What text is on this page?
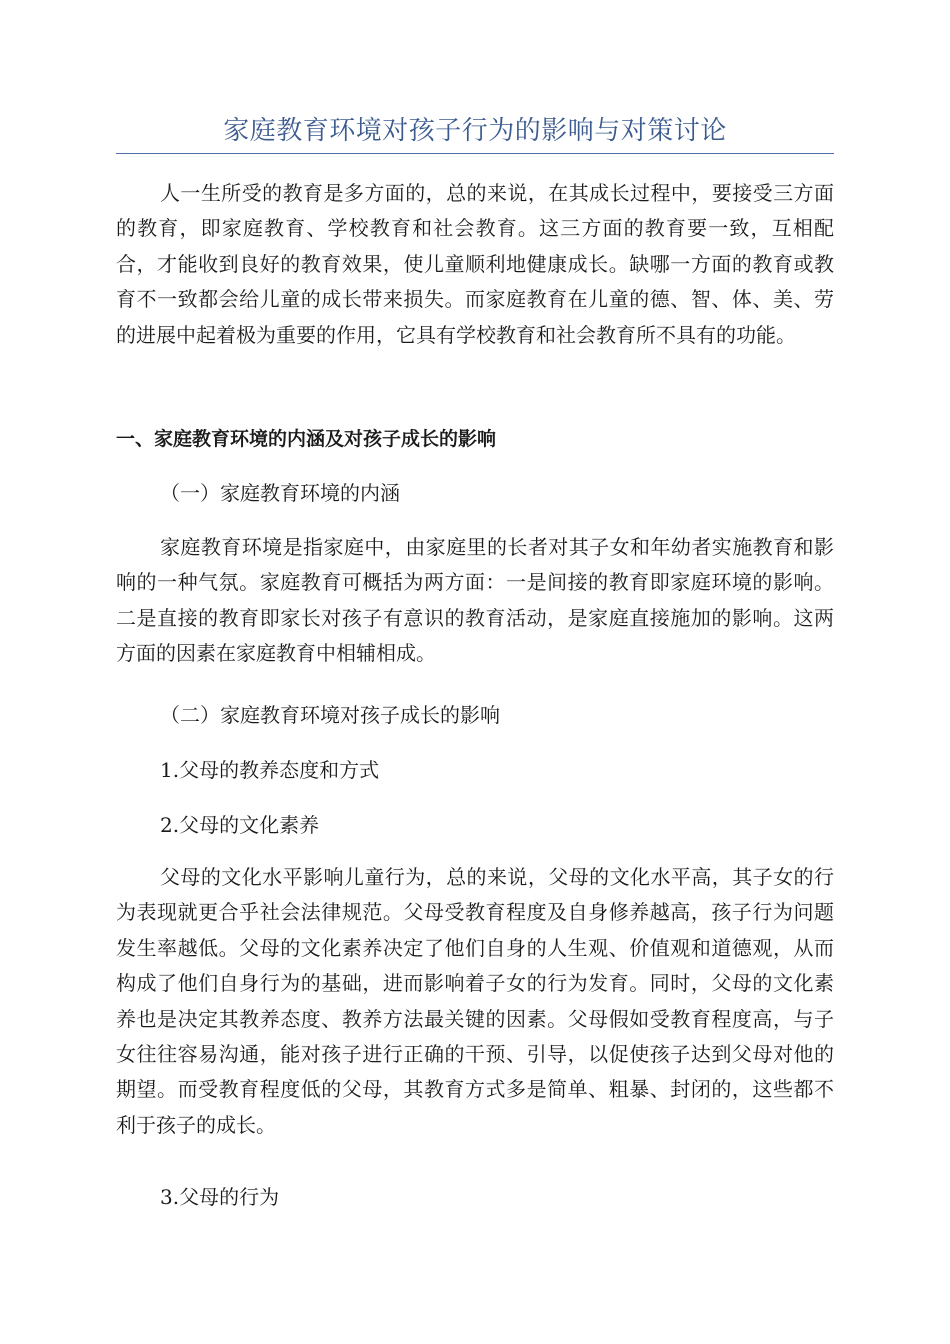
家庭教育环境对孩子行为的影响与对策讨论

人一生所受的教育是多方面的，总的来说，在其成长过程中，要接受三方面的教育，即家庭教育、学校教育和社会教育。这三方面的教育要一致，互相配合，才能收到良好的教育效果，使儿童顺利地健康成长。缺哪一方面的教育或教育不一致都会给儿童的成长带来损失。而家庭教育在儿童的德、智、体、美、劳的进展中起着极为重要的作用，它具有学校教育和社会教育所不具有的功能。

一、家庭教育环境的内涵及对孩子成长的影响

（一）家庭教育环境的内涵

家庭教育环境是指家庭中，由家庭里的长者对其子女和年幼者实施教育和影响的一种气氛。家庭教育可概括为两方面：一是间接的教育即家庭环境的影响。二是直接的教育即家长对孩子有意识的教育活动，是家庭直接施加的影响。这两方面的因素在家庭教育中相辅相成。

（二）家庭教育环境对孩子成长的影响

1.父母的教养态度和方式

2.父母的文化素养

父母的文化水平影响儿童行为，总的来说，父母的文化水平高，其子女的行为表现就更合乎社会法律规范。父母受教育程度及自身修养越高，孩子行为问题发生率越低。父母的文化素养决定了他们自身的人生观、价值观和道德观，从而构成了他们自身行为的基础，进而影响着子女的行为发育。同时，父母的文化素养也是决定其教养态度、教养方法最关键的因素。父母假如受教育程度高，与子女往往容易沟通，能对孩子进行正确的干预、引导，以促使孩子达到父母对他的期望。而受教育程度低的父母，其教育方式多是简单、粗暴、封闭的，这些都不利于孩子的成长。

3.父母的行为
